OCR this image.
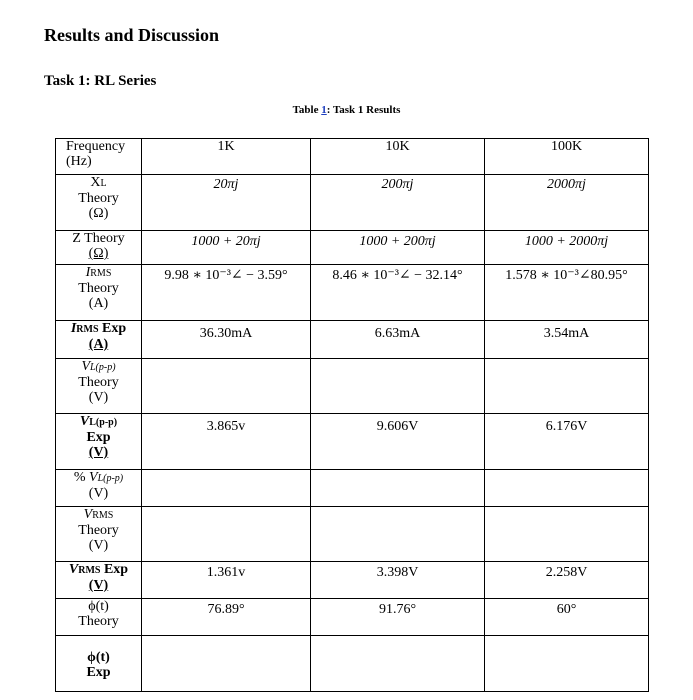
Results and Discussion
Task 1: RL Series
Table 1: Task 1 Results
Frequency
(Hz)	1K	10K	100K

XL
Theory
(Ω)	20πj	200πj	2000πj

Z Theory
(Ω)	1000 + 20πj	1000 + 200πj	1000 + 2000πj

IRMS
Theory
(A)	9.98 ∗ 10⁻³∠ − 3.59°	8.46 ∗ 10⁻³∠ − 32.14°	1.578 ∗ 10⁻³∠80.95°

IRMS Exp
(A)	36.30mA	6.63mA	3.54mA

VL(p-p)
Theory
(V)			

VL(p-p)
Exp
(V)	3.865v	9.606V	6.176V

% VL(p-p)
(V)			

VRMS
Theory
(V)			

VRMS Exp
(V)	1.361v	3.398V	2.258V

ϕ(t)
Theory	76.89°	91.76°	60°

ϕ(t)
Exp			
